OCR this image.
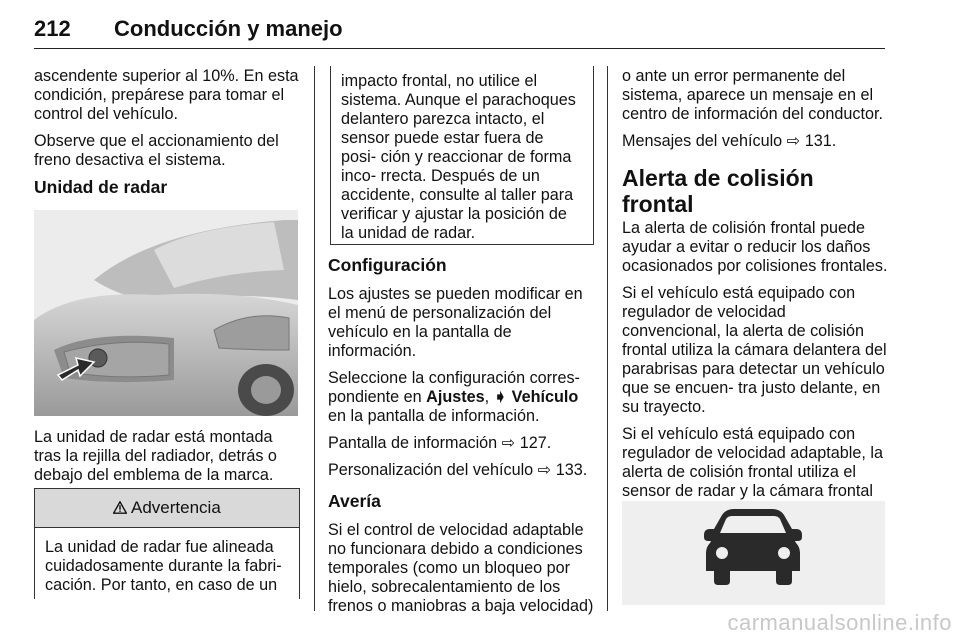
212 Conducción y manejo

ascendente superior al 10%. En esta condición, prepárese para tomar el control del vehículo.

Observe que el accionamiento del freno desactiva el sistema.

Unidad de radar

La unidad de radar está montada tras la rejilla del radiador, detrás o debajo del emblema de la marca.

Advertencia
La unidad de radar fue alineada cuidadosamente durante la fabri- cación. Por tanto, en caso de un
impacto frontal, no utilice el sistema. Aunque el parachoques delantero parezca intacto, el sensor puede estar fuera de posi- ción y reaccionar de forma inco- rrecta. Después de un accidente, consulte al taller para verificar y ajustar la posición de la unidad de radar.
Configuración

Los ajustes se pueden modificar en el menú de personalización del vehículo en la pantalla de información.

Seleccione la configuración corres- pondiente en Ajustes, ➧ Vehículo en la pantalla de información.

Pantalla de información ⇨ 127.

Personalización del vehículo ⇨ 133.

Avería

Si el control de velocidad adaptable no funcionara debido a condiciones temporales (como un bloqueo por hielo, sobrecalentamiento de los frenos o maniobras a baja velocidad)

o ante un error permanente del sistema, aparece un mensaje en el centro de información del conductor.

Mensajes del vehículo ⇨ 131.

Alerta de colisión frontal

La alerta de colisión frontal puede ayudar a evitar o reducir los daños ocasionados por colisiones frontales.

Si el vehículo está equipado con regulador de velocidad convencional, la alerta de colisión frontal utiliza la cámara delantera del parabrisas para detectar un vehículo que se encuen- tra justo delante, en su trayecto.

Si el vehículo está equipado con regulador de velocidad adaptable, la alerta de colisión frontal utiliza el sensor de radar y la cámara frontal

carmanualsonline.info
